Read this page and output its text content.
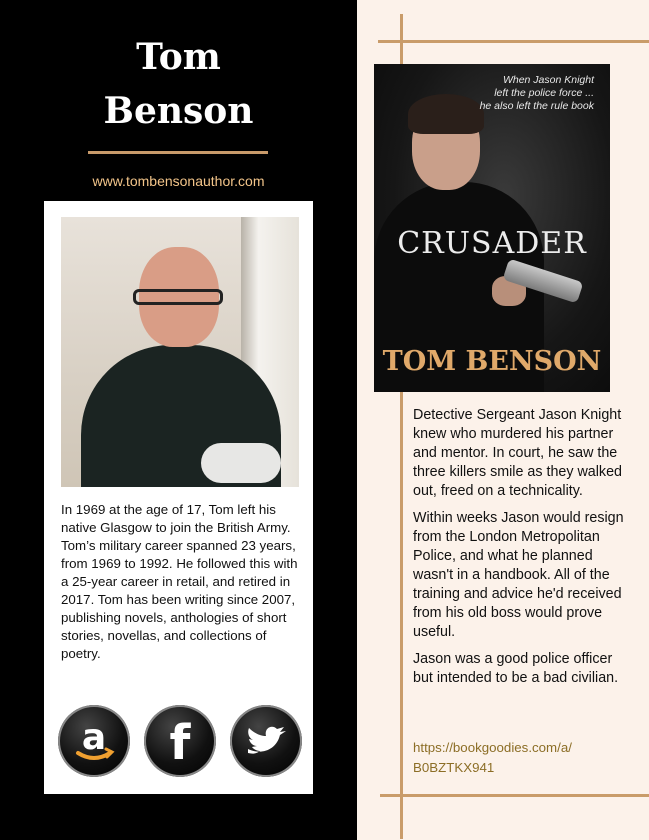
Tom
Benson
www.tombensonauthor.com

In 1969 at the age of 17, Tom left his native Glasgow to join the British Army. Tom’s military career spanned 23 years, from 1969 to 1992. He followed this with a 25-year career in retail, and retired in 2017. Tom has been writing since 2007, publishing novels, anthologies of short stories, novellas, and collections of poetry.

a f
When Jason Knight
left the police force ...
he also left the rule book
CRUSADER
TOM BENSON

Detective Sergeant Jason Knight knew who murdered his partner and mentor. In court, he saw the three killers smile as they walked out, freed on a technicality.

Within weeks Jason would resign from the London Metropolitan Police, and what he planned wasn't in a handbook. All of the training and advice he'd received from his old boss would prove useful.

Jason was a good police officer but intended to be a bad civilian.

https://bookgoodies.com/a/
B0BZTKX941
